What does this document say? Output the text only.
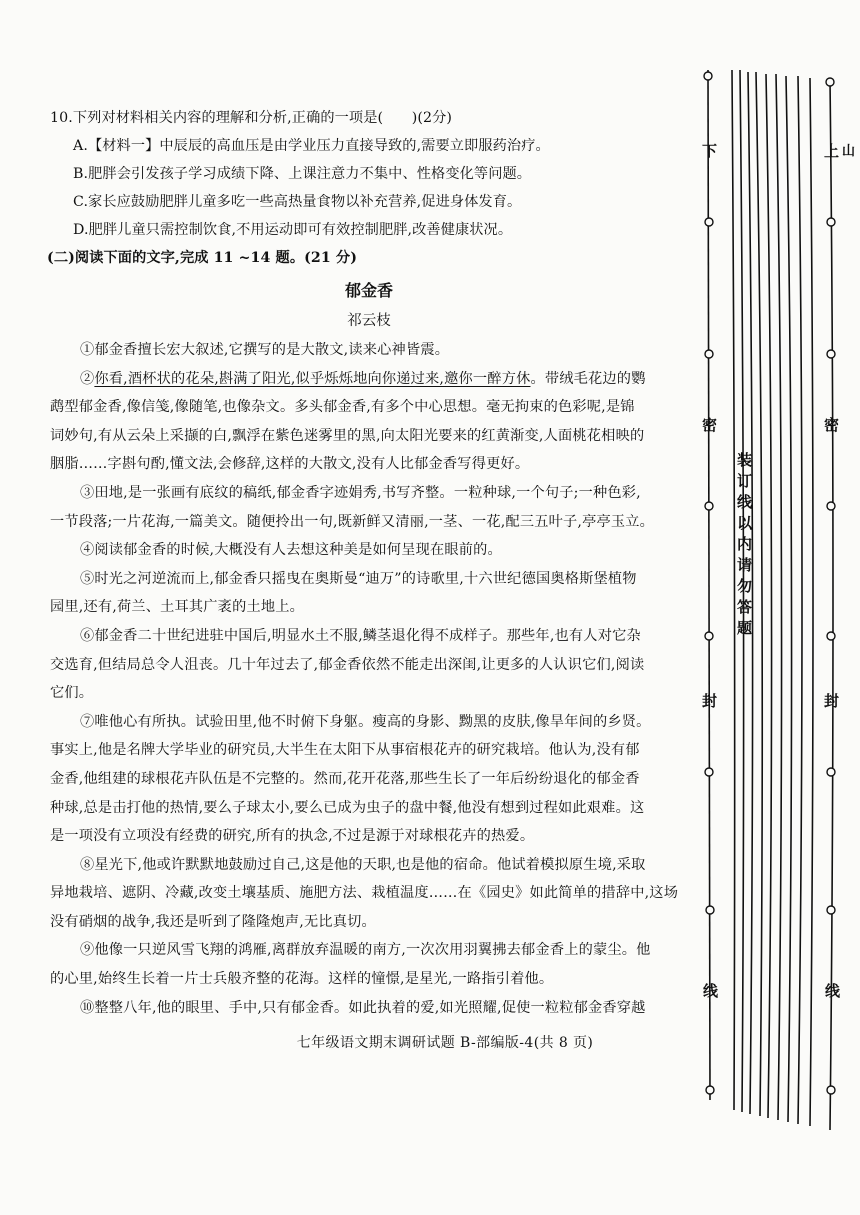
10.下列对材料相关内容的理解和分析,正确的一项是(　　)(2分)
A.【材料一】中辰辰的高血压是由学业压力直接导致的,需要立即服药治疗。
B.肥胖会引发孩子学习成绩下降、上课注意力不集中、性格变化等问题。
C.家长应鼓励肥胖儿童多吃一些高热量食物以补充营养,促进身体发育。
D.肥胖儿童只需控制饮食,不用运动即可有效控制肥胖,改善健康状况。
(二)阅读下面的文字,完成 11 ~14 题。(21 分)
郁金香
祁云枝
①郁金香擅长宏大叙述,它撰写的是大散文,读来心神皆震。
②你看,酒杯状的花朵,斟满了阳光,似乎烁烁地向你递过来,邀你一醉方休。带绒毛花边的鹦
鹉型郁金香,像信笺,像随笔,也像杂文。多头郁金香,有多个中心思想。毫无拘束的色彩呢,是锦
词妙句,有从云朵上采撷的白,飘浮在紫色迷雾里的黑,向太阳光要来的红黄渐变,人面桃花相映的
胭脂……字斟句酌,懂文法,会修辞,这样的大散文,没有人比郁金香写得更好。
③田地,是一张画有底纹的稿纸,郁金香字迹娟秀,书写齐整。一粒种球,一个句子;一种色彩,
一节段落;一片花海,一篇美文。随便拎出一句,既新鲜又清丽,一茎、一花,配三五叶子,亭亭玉立。
④阅读郁金香的时候,大概没有人去想这种美是如何呈现在眼前的。
⑤时光之河逆流而上,郁金香只摇曳在奥斯曼“迪万”的诗歌里,十六世纪德国奥格斯堡植物
园里,还有,荷兰、土耳其广袤的土地上。
⑥郁金香二十世纪进驻中国后,明显水土不服,鳞茎退化得不成样子。那些年,也有人对它杂
交选育,但结局总令人沮丧。几十年过去了,郁金香依然不能走出深闺,让更多的人认识它们,阅读
它们。
⑦唯他心有所执。试验田里,他不时俯下身躯。瘦高的身影、黝黑的皮肤,像旱年间的乡贤。
事实上,他是名牌大学毕业的研究员,大半生在太阳下从事宿根花卉的研究栽培。他认为,没有郁
金香,他组建的球根花卉队伍是不完整的。然而,花开花落,那些生长了一年后纷纷退化的郁金香
种球,总是击打他的热情,要么子球太小,要么已成为虫子的盘中餐,他没有想到过程如此艰难。这
是一项没有立项没有经费的研究,所有的执念,不过是源于对球根花卉的热爱。
⑧星光下,他或许默默地鼓励过自己,这是他的天职,也是他的宿命。他试着模拟原生境,采取
异地栽培、遮阴、冷藏,改变土壤基质、施肥方法、栽植温度……在《园史》如此简单的措辞中,这场
没有硝烟的战争,我还是听到了隆隆炮声,无比真切。
⑨他像一只逆风雪飞翔的鸿雁,离群放弃温暖的南方,一次次用羽翼拂去郁金香上的蒙尘。他
的心里,始终生长着一片士兵般齐整的花海。这样的憧憬,是星光,一路指引着他。
⑩整整八年,他的眼里、手中,只有郁金香。如此执着的爱,如光照耀,促使一粒粒郁金香穿越
七年级语文期末调研试题 B-部编版-4(共 8 页)
下
密
封
线
上
密
封
线
山
装订线以内请勿答题
